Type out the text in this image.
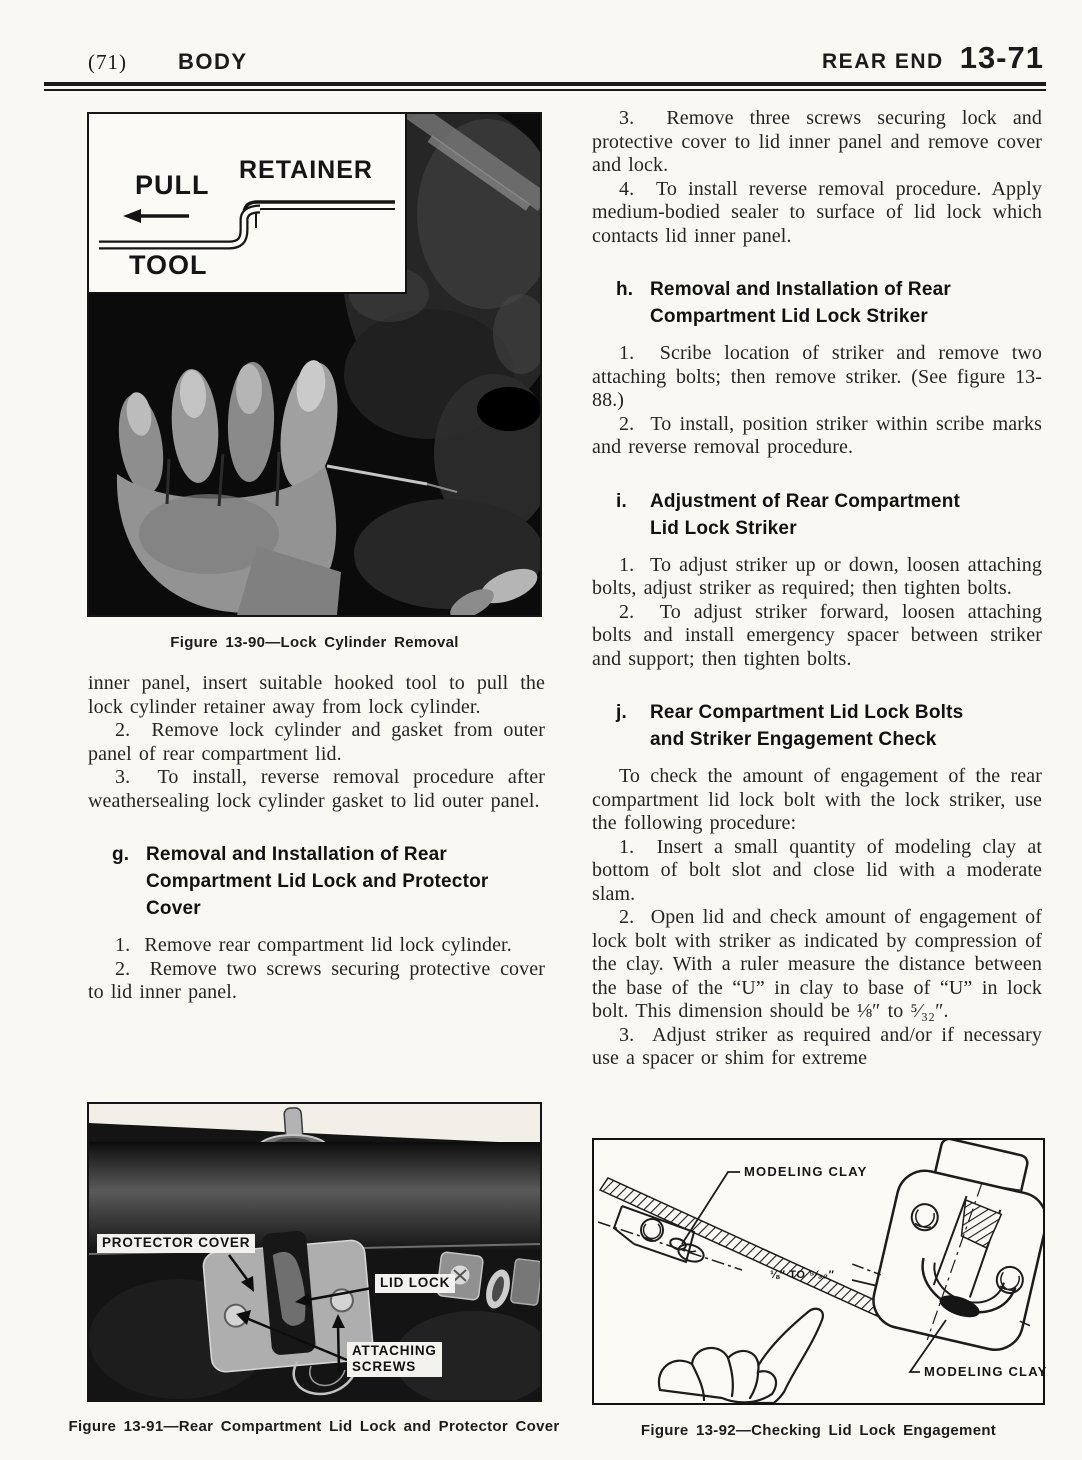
(71) BODY	REAR END 13-71
PULL RETAINER
TOOL
Figure 13-90—Lock Cylinder Removal

inner panel, insert suitable hooked tool to pull the lock cylinder retainer away from lock cylinder.

2.  Remove lock cylinder and gasket from outer panel of rear compartment lid.

3.  To install, reverse removal procedure after weathersealing lock cylinder gasket to lid outer panel.

g. Removal and Installation of Rear
Compartment Lid Lock and Protector
Cover

1.  Remove rear compartment lid lock cylinder.

2.  Remove two screws securing protective cover to lid inner panel.

PROTECTOR COVER
LID LOCK
ATTACHING
SCREWS
Figure 13-91—Rear Compartment Lid Lock and Protector Cover

3.  Remove three screws securing lock and protective cover to lid inner panel and remove cover and lock.

4.  To install reverse removal procedure. Apply medium-bodied sealer to surface of lid lock which contacts lid inner panel.

h. Removal and Installation of Rear
Compartment Lid Lock Striker

1.  Scribe location of striker and remove two attaching bolts; then remove striker. (See figure 13-88.)

2.  To install, position striker within scribe marks and reverse removal procedure.

i.	Adjustment of Rear Compartment
Lid Lock Striker

1.  To adjust striker up or down, loosen attaching bolts, adjust striker as required; then tighten bolts.

2.  To adjust striker forward, loosen attaching bolts and install emergency spacer between striker and support; then tighten bolts.

j.	Rear Compartment Lid Lock Bolts
and Striker Engagement Check

To check the amount of engagement of the rear compartment lid lock bolt with the lock striker, use the following procedure:

1.  Insert a small quantity of modeling clay at bottom of bolt slot and close lid with a moderate slam.

2.  Open lid and check amount of engagement of lock bolt with striker as indicated by compression of the clay. With a ruler measure the distance between the base of the “U” in clay to base of “U” in lock bolt. This dimension should be ⅛″ to ⁵⁄₃₂″.

3.  Adjust striker as required and/or if necessary use a spacer or shim for extreme

MODELING CLAY
⅛″ TO ⁵⁄₃₂″
MODELING CLAY
Figure 13-92—Checking Lid Lock Engagement
